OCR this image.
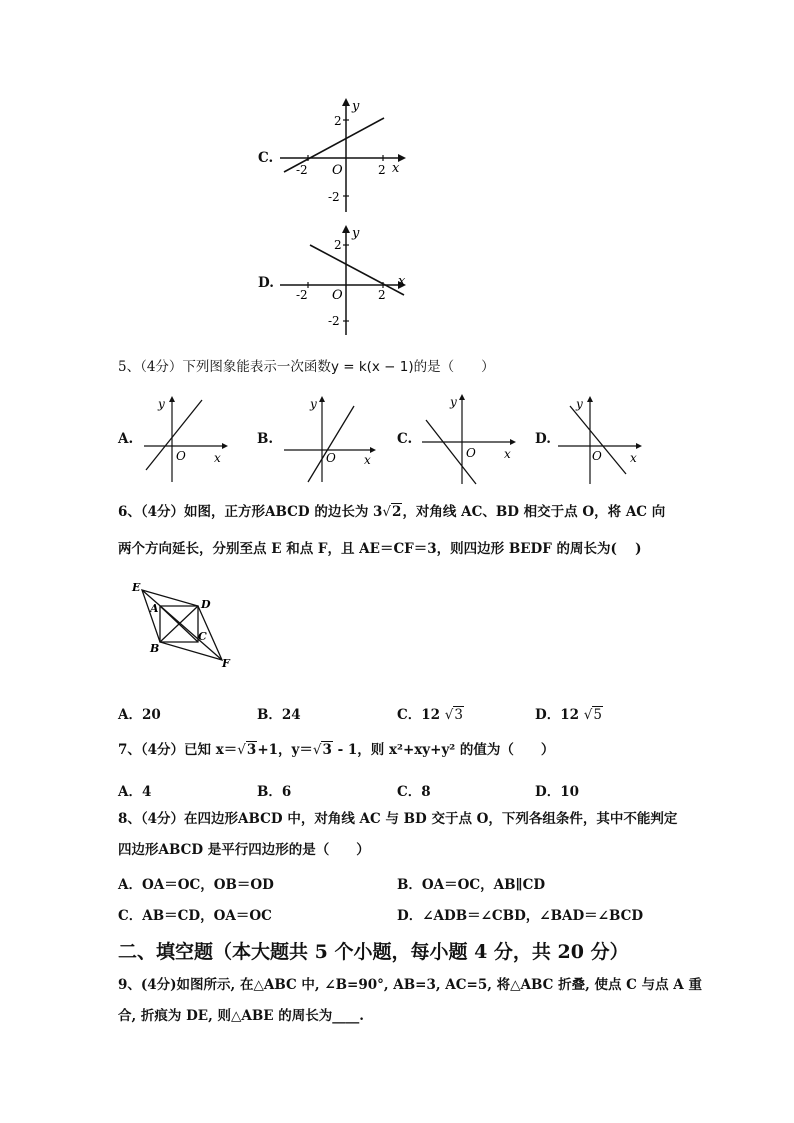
C.
y
x
O
2
2
-2
-2
D.
y
x
O
2
2
-2
-2
5、（4分）下列图象能表示一次函数y = k(x − 1)的是（　　）
A.
y
x
O
B.
y
x
O
C.
y
x
O
D.
y
x
O
6、（4分）如图，正方形ABCD 的边长为 3√2，对角线 AC、BD 相交于点 O，将 AC 向
两个方向延长，分别至点 E 和点 F，且 AE＝CF＝3，则四边形 BEDF 的周长为(　 )
E
A	D
B
C
F
A．20	B．24	C．12 √3	D．12 √5
7、（4分）已知 x＝√3+1，y＝√3 - 1，则 x²+xy+y² 的值为（　　）
A．4	B．6	C．8	D．10
8、（4分）在四边形ABCD 中，对角线 AC 与 BD 交于点 O，下列各组条件，其中不能判定
四边形ABCD 是平行四边形的是（　　）
A．OA＝OC，OB＝OD	B．OA＝OC，AB∥CD
C．AB＝CD，OA＝OC	D．∠ADB＝∠CBD，∠BAD＝∠BCD
二、填空题（本大题共 5 个小题，每小题 4 分，共 20 分）
9、(4分)如图所示, 在△ABC 中, ∠B=90°, AB=3, AC=5, 将△ABC 折叠, 使点 C 与点 A 重
合, 折痕为 DE, 则△ABE 的周长为____.
